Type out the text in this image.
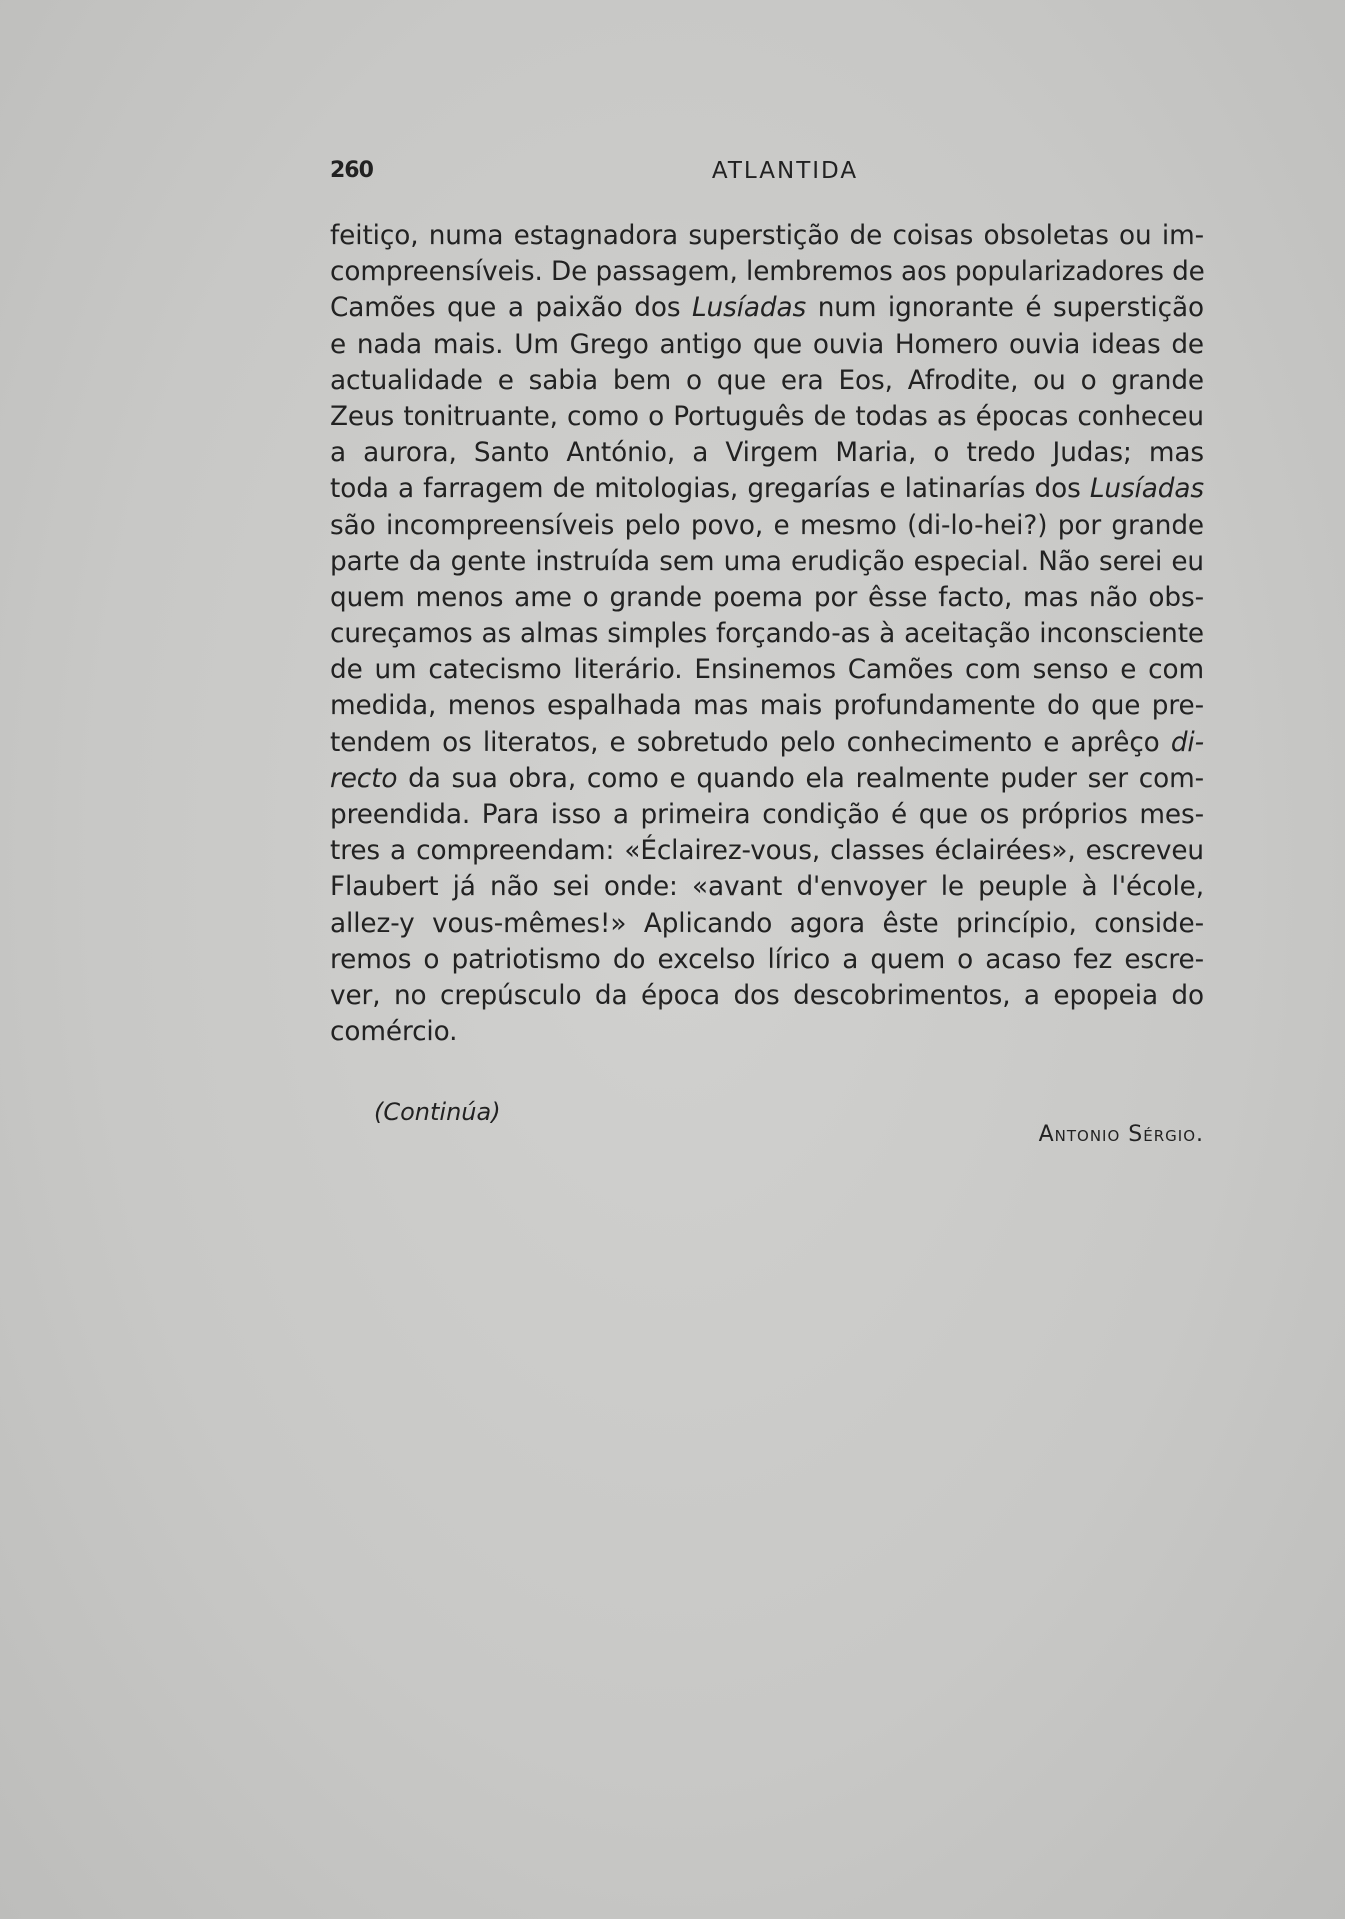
260	ATLANTIDA
feitiço, numa estagnadora superstição de coisas obsoletas ou im-
compreensíveis. De passagem, lembremos aos popularizadores de
Camões que a paixão dos Lusíadas num ignorante é superstição
e nada mais. Um Grego antigo que ouvia Homero ouvia ideas de
actualidade e sabia bem o que era Eos, Afrodite, ou o grande
Zeus tonitruante, como o Português de todas as épocas conheceu
a aurora, Santo António, a Virgem Maria, o tredo Judas; mas
toda a farragem de mitologias, gregarías e latinarías dos Lusíadas
são incompreensíveis pelo povo, e mesmo (di-lo-hei?) por grande
parte da gente instruída sem uma erudição especial. Não serei eu
quem menos ame o grande poema por êsse facto, mas não obs-
cureçamos as almas simples forçando-as à aceitação inconsciente
de um catecismo literário. Ensinemos Camões com senso e com
medida, menos espalhada mas mais profundamente do que pre-
tendem os literatos, e sobretudo pelo conhecimento e aprêço di-
recto da sua obra, como e quando ela realmente puder ser com-
preendida. Para isso a primeira condição é que os próprios mes-
tres a compreendam: «Éclairez-vous, classes éclairées», escreveu
Flaubert já não sei onde: «avant d'envoyer le peuple à l'école,
allez-y vous-mêmes!» Aplicando agora êste princípio, conside-
remos o patriotismo do excelso lírico a quem o acaso fez escre-
ver, no crepúsculo da época dos descobrimentos, a epopeia do
comércio.
(Continúa)
Antonio Sérgio.
